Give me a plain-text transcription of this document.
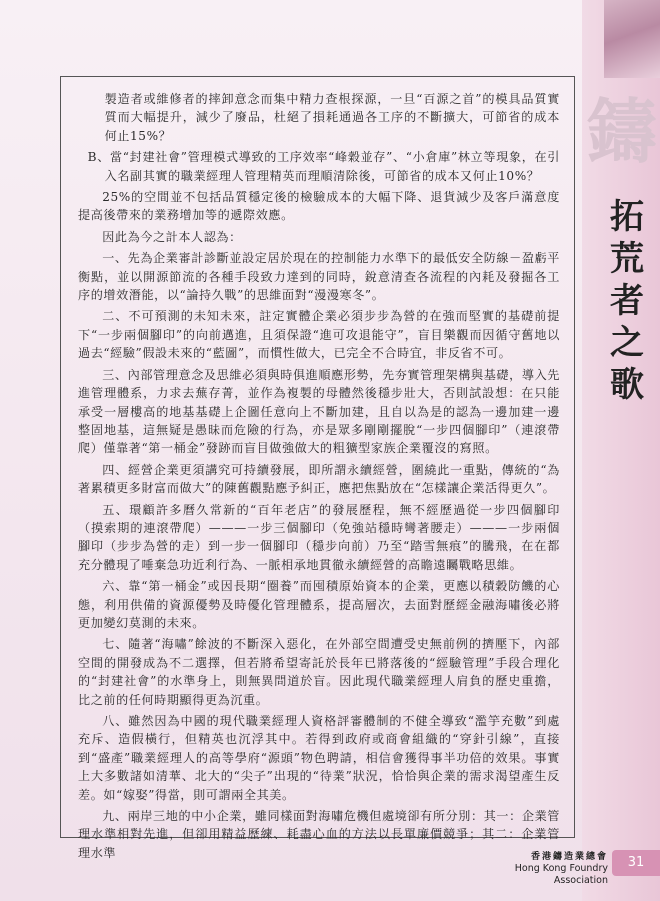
鑄
拓
荒
者
之
歌

製造者或維修者的摔卸意念而集中精力查根探源，一旦“百源之首”的模具品質實質而大幅提升，減少了廢品，杜絕了損耗通過各工序的不斷擴大，可節省的成本何止15%？

B、當“封建社會”管理模式導致的工序效率“峰穀並存”、“小倉庫”林立等現象，在引入名副其實的職業經理人管理精英而理順清除後，可節省的成本又何止10%？

25%的空間並不包括品質穩定後的檢驗成本的大幅下降、退貨減少及客戶滿意度提高後帶來的業務增加等的遞際效應。

因此為今之計本人認為：

一、先為企業審計診斷並設定居於現在的控制能力水準下的最低安全防線－盈虧平衡點，並以開源節流的各種手段致力達到的同時，銳意清查各流程的內耗及發掘各工序的增效潛能，以“論持久戰”的思維面對“漫漫寒冬”。

二、不可預測的未知未來，註定實體企業必須步步為營的在強而堅實的基礎前提下“一步兩個腳印”的向前邁進，且須保證“進可攻退能守”，盲目樂觀而因循守舊地以過去“經驗”假設未來的“藍圖”，而慣性做大，已完全不合時宜，非反省不可。

三、內部管理意念及思維必須與時俱進順應形勢，先夯實管理架構與基礎，導入先進管理體系，力求去蕪存菁，並作為複製的母體然後穩步壯大，否則試設想：在只能承受一層樓高的地基基礎上企圖任意向上不斷加建，且自以為是的認為一邊加建一邊整固地基，這無疑是愚昧而危險的行為，亦是眾多剛剛擺脫“一步四個腳印”（連滾帶爬）僅靠著“第一桶金”發跡而盲目做強做大的粗獷型家族企業覆沒的寫照。

四、經營企業更須講究可持續發展，即所謂永續經營，圍繞此一重點，傳統的“為著累積更多財富而做大”的陳舊觀點應予糾正，應把焦點放在“怎樣讓企業活得更久”。

五、環顧許多曆久常新的“百年老店”的發展歷程，無不經歷過從一步四個腳印（摸索期的連滾帶爬）———一步三個腳印（免強站穩時彎著腰走）———一步兩個腳印（步步為營的走）到一步一個腳印（穩步向前）乃至“踏雪無痕”的騰飛，在在都充分體現了唾棄急功近利行為、一脈相承地貫徹永續經營的高瞻遠矚戰略思維。

六、靠“第一桶金”或因長期“圈養”而囤積原始資本的企業，更應以積穀防饑的心態，利用供備的資源優勢及時優化管理體系，提高層次，去面對歷經金融海嘯後必將更加變幻莫測的未來。

七、隨著“海嘯”餘波的不斷深入惡化，在外部空間遭受史無前例的擠壓下，內部空間的開發成為不二選擇，但若將希望寄託於長年已將落後的“經驗管理”手段合理化的“封建社會”的水準身上，則無異問道於盲。因此現代職業經理人肩負的歷史重擔，比之前的任何時期顯得更為沉重。

八、雖然因為中國的現代職業經理人資格評審體制的不健全導致“濫竽充數”到處充斥、造假橫行，但精英也沉浮其中。若得到政府或商會組織的“穿針引線”，直接到“盛產”職業經理人的高等學府“源頭”物色聘請，相信會獲得事半功倍的效果。事實上大多數諸如清華、北大的“尖子”出現的“待業”狀況，恰恰與企業的需求渴望產生反差。如“嫁娶”得當，則可謂兩全其美。

九、兩岸三地的中小企業，雖同樣面對海嘯危機但處境卻有所分別：其一：企業管理水準相對先進，但卻用精益歷練、耗盡心血的方法以長單廉價競爭；其二：企業管理水準	香港鑄造業總會
Hong Kong Foundry Association
31
